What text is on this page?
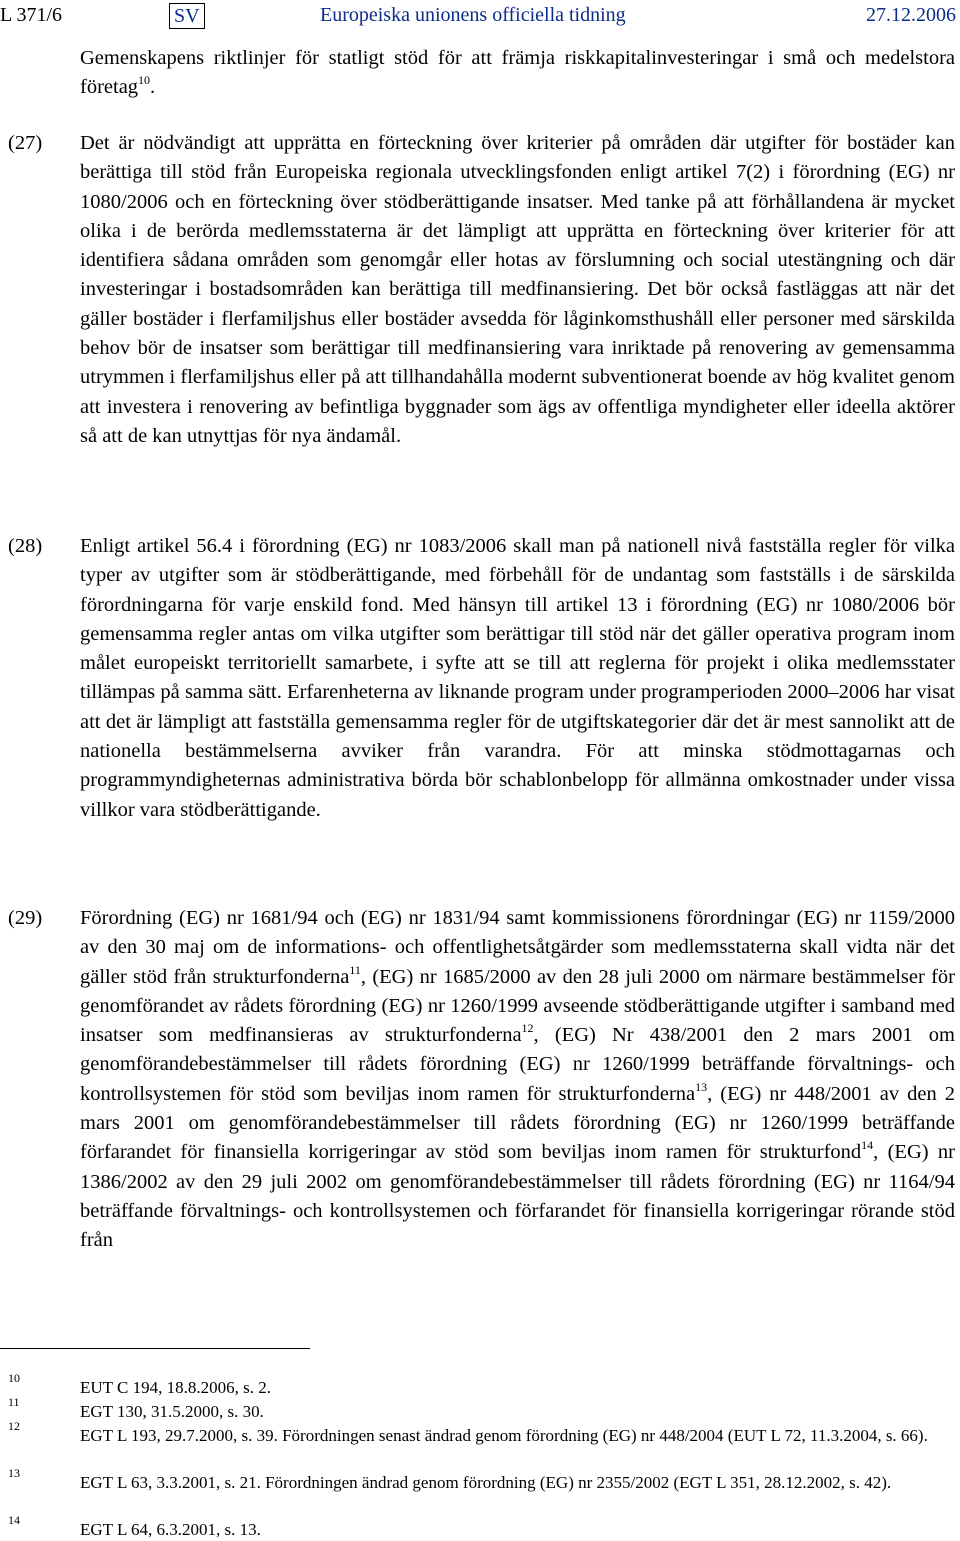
L 371/6	SV	Europeiska unionens officiella tidning	27.12.2006
Gemenskapens riktlinjer för statligt stöd för att främja riskkapitalinvesteringar i små och medelstora företag$^{10}$.
(27) Det är nödvändigt att upprätta en förteckning över kriterier på områden där utgifter för bostäder kan berättiga till stöd från Europeiska regionala utvecklingsfonden enligt artikel 7(2) i förordning (EG) nr 1080/2006 och en förteckning över stödberättigande insatser. Med tanke på att förhållandena är mycket olika i de berörda medlemsstaterna är det lämpligt att upprätta en förteckning över kriterier för att identifiera sådana områden som genomgår eller hotas av förslumning och social utestängning och där investeringar i bostadsområden kan berättiga till medfinansiering. Det bör också fastläggas att när det gäller bostäder i flerfamiljshus eller bostäder avsedda för låginkomsthushåll eller personer med särskilda behov bör de insatser som berättigar till medfinansiering vara inriktade på renovering av gemensamma utrymmen i flerfamiljshus eller på att tillhandahålla modernt subventionerat boende av hög kvalitet genom att investera i renovering av befintliga byggnader som ägs av offentliga myndigheter eller ideella aktörer så att de kan utnyttjas för nya ändamål.
(28) Enligt artikel 56.4 i förordning (EG) nr 1083/2006 skall man på nationell nivå fastställa regler för vilka typer av utgifter som är stödberättigande, med förbehåll för de undantag som fastställs i de särskilda förordningarna för varje enskild fond. Med hänsyn till artikel 13 i förordning (EG) nr 1080/2006 bör gemensamma regler antas om vilka utgifter som berättigar till stöd när det gäller operativa program inom målet europeiskt territoriellt samarbete, i syfte att se till att reglerna för projekt i olika medlemsstater tillämpas på samma sätt. Erfarenheterna av liknande program under programperioden 2000–2006 har visat att det är lämpligt att fastställa gemensamma regler för de utgiftskategorier där det är mest sannolikt att de nationella bestämmelserna avviker från varandra. För att minska stödmottagarnas och programmyndigheternas administrativa börda bör schablonbelopp för allmänna omkostnader under vissa villkor vara stödberättigande.
(29) Förordning (EG) nr 1681/94 och (EG) nr 1831/94 samt kommissionens förordningar (EG) nr 1159/2000 av den 30 maj om de informations- och offentlighetsåtgärder som medlemsstaterna skall vidta när det gäller stöd från strukturfonderna$^{11}$, (EG) nr 1685/2000 av den 28 juli 2000 om närmare bestämmelser för genomförandet av rådets förordning (EG) nr 1260/1999 avseende stödberättigande utgifter i samband med insatser som medfinansieras av strukturfonderna$^{12}$, (EG) Nr 438/2001 den 2 mars 2001 om genomförandebestämmelser till rådets förordning (EG) nr 1260/1999 beträffande förvaltnings- och kontrollsystemen för stöd som beviljas inom ramen för strukturfonderna$^{13}$, (EG) nr 448/2001 av den 2 mars 2001 om genomförandebestämmelser till rådets förordning (EG) nr 1260/1999 beträffande förfarandet för finansiella korrigeringar av stöd som beviljas inom ramen för strukturfond$^{14}$, (EG) nr 1386/2002 av den 29 juli 2002 om genomförandebestämmelser till rådets förordning (EG) nr 1164/94 beträffande förvaltnings- och kontrollsystemen och förfarandet för finansiella korrigeringar rörande stöd från
10	EUT C 194, 18.8.2006, s. 2.
11	EGT 130, 31.5.2000, s. 30.
12	EGT L 193, 29.7.2000, s. 39. Förordningen senast ändrad genom förordning (EG) nr 448/2004 (EUT L 72, 11.3.2004, s. 66).
13	EGT L 63, 3.3.2001, s. 21. Förordningen ändrad genom förordning (EG) nr 2355/2002 (EGT L 351, 28.12.2002, s. 42).
14	EGT L 64, 6.3.2001, s. 13.
